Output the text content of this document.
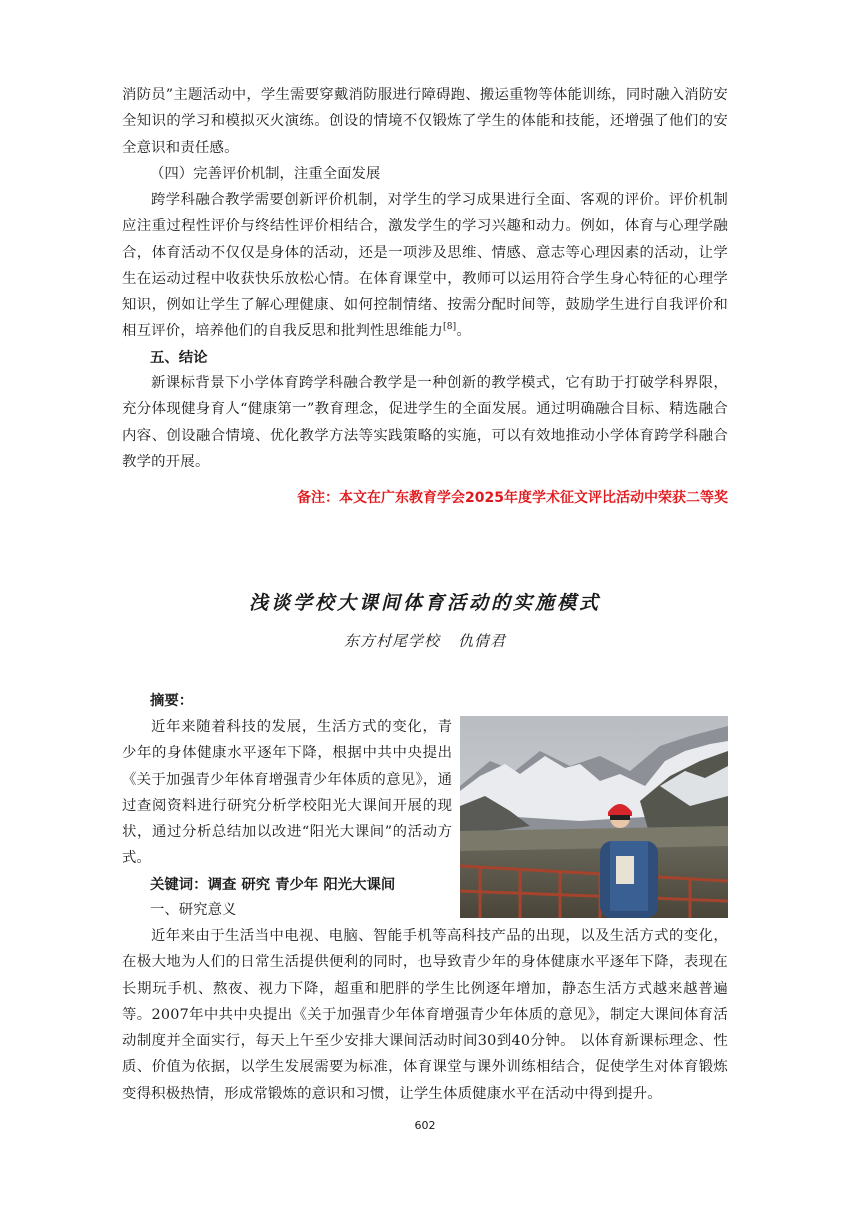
消防员”主题活动中，学生需要穿戴消防服进行障碍跑、搬运重物等体能训练，同时融入消防安全知识的学习和模拟灭火演练。创设的情境不仅锻炼了学生的体能和技能，还增强了他们的安全意识和责任感。

（四）完善评价机制，注重全面发展

跨学科融合教学需要创新评价机制，对学生的学习成果进行全面、客观的评价。评价机制应注重过程性评价与终结性评价相结合，激发学生的学习兴趣和动力。例如，体育与心理学融合，体育活动不仅仅是身体的活动，还是一项涉及思维、情感、意志等心理因素的活动，让学生在运动过程中收获快乐放松心情。在体育课堂中，教师可以运用符合学生身心特征的心理学知识，例如让学生了解心理健康、如何控制情绪、按需分配时间等，鼓励学生进行自我评价和相互评价，培养他们的自我反思和批判性思维能力[8]。

五、结论

新课标背景下小学体育跨学科融合教学是一种创新的教学模式，它有助于打破学科界限，充分体现健身育人“健康第一”教育理念，促进学生的全面发展。通过明确融合目标、精选融合内容、创设融合情境、优化教学方法等实践策略的实施，可以有效地推动小学体育跨学科融合教学的开展。

备注：本文在广东教育学会2025年度学术征文评比活动中荣获二等奖

浅谈学校大课间体育活动的实施模式

东方村尾学校 仇倩君

摘要：

近年来随着科技的发展，生活方式的变化，青少年的身体健康水平逐年下降，根据中共中央提出《关于加强青少年体育增强青少年体质的意见》，通过查阅资料进行研究分析学校阳光大课间开展的现状，通过分析总结加以改进“阳光大课间”的活动方式。

关键词：调查 研究 青少年 阳光大课间

一、研究意义

近年来由于生活当中电视、电脑、智能手机等高科技产品的出现，以及生活方式的变化，在极大地为人们的日常生活提供便利的同时，也导致青少年的身体健康水平逐年下降，表现在长期玩手机、熬夜、视力下降，超重和肥胖的学生比例逐年增加，静态生活方式越来越普遍等。2007年中共中央提出《关于加强青少年体育增强青少年体质的意见》，制定大课间体育活动制度并全面实行，每天上午至少安排大课间活动时间30到40分钟。 以体育新课标理念、性质、价值为依据，以学生发展需要为标准，体育课堂与课外训练相结合，促使学生对体育锻炼变得积极热情，形成常锻炼的意识和习惯，让学生体质健康水平在活动中得到提升。

602
